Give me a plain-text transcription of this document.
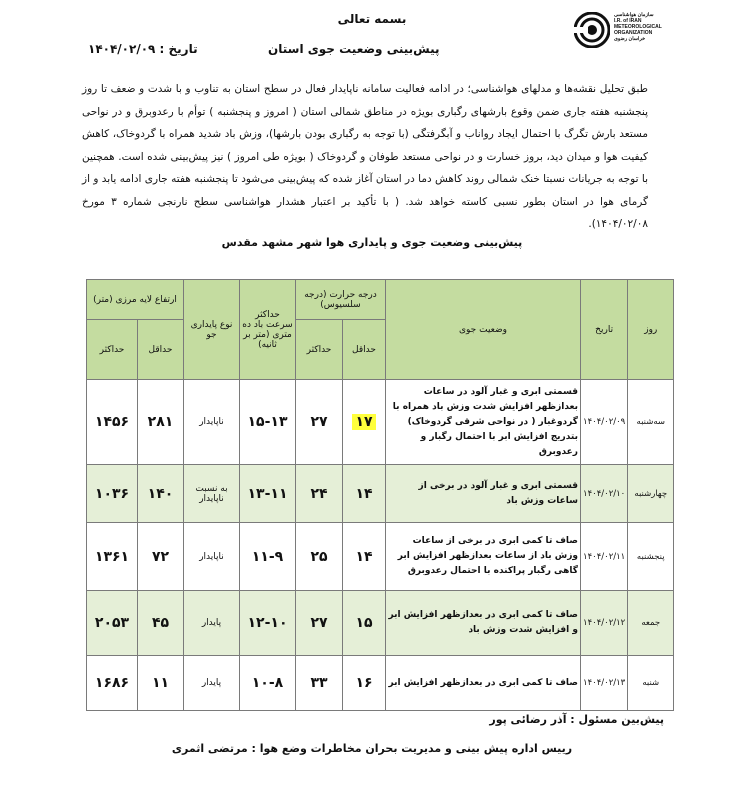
بسمه تعالی	سازمان هواشناسی I.R. of IRAN METEOROLOGICAL ORGANIZATION خراسان رضوی
تاریخ : ۱۴۰۴/۰۲/۰۹	پیش‌بینی وضعیت جوی استان
طبق تحلیل نقشه‌ها و مدلهای هواشناسی؛ در ادامه فعالیت سامانه ناپایدار فعال در سطح استان به تناوب و با شدت و ضعف تا روز پنجشنبه هفته جاری ضمن وقوع بارشهای رگباری بویژه در مناطق شمالی استان ( امروز و پنجشنبه ) توأم با رعدوبرق و در نواحی مستعد بارش تگرگ با احتمال ایجاد رواناب و آبگرفتگی (با توجه به رگباری بودن بارشها)، وزش باد شدید همراه با گردوخاک، کاهش کیفیت هوا و میدان دید، بروز خسارت و در نواحی مستعد طوفان و گردوخاک ( بویژه طی امروز ) نیز پیش‌بینی شده است. همچنین با توجه به جریانات نسبتا خنک شمالی روند کاهش دما در استان آغاز شده که پیش‌بینی می‌شود تا پنجشنبه هفته جاری ادامه یابد و از گرمای هوا در استان بطور نسبی کاسته خواهد شد. ( با تأکید بر اعتبار هشدار هواشناسی سطح نارنجی شماره ۳ مورخ ۱۴۰۴/۰۲/۰۸).
پیش‌بینی وضعیت جوی و پایداری هوا شهر مشهد مقدس
روز	تاریخ	وضعیت جوی	درجه حرارت (درجه سلسیوس)		حداکثر سرعت باد ده متری (متر بر ثانیه)	نوع پایداری جو	ارتفاع لایه مرزی (متر)	
			حداقل	حداکثر			حداقل	حداکثر
سه‌شنبه	۱۴۰۴/۰۲/۰۹	قسمتی ابری و غبار آلود در ساعات بعدازظهر افزایش شدت وزش باد همراه با گردوغبار ( در نواحی شرقی گردوخاک) بتدریج افزایش ابر با احتمال رگبار و رعدوبرق	۱۷	۲۷	۱۵-۱۳	ناپایدار	۲۸۱	۱۴۵۶
چهارشنبه	۱۴۰۴/۰۲/۱۰	قسمتی ابری و غبار آلود در برخی از ساعات وزش باد	۱۴	۲۴	۱۳-۱۱	به نسبت ناپایدار	۱۴۰	۱۰۳۶
پنجشنبه	۱۴۰۴/۰۲/۱۱	صاف تا کمی ابری در برخی از ساعات وزش باد از ساعات بعدازظهر افزایش ابر گاهی رگبار پراکنده با احتمال رعدوبرق	۱۴	۲۵	۱۱-۹	ناپایدار	۷۲	۱۳۶۱
جمعه	۱۴۰۴/۰۲/۱۲	صاف تا کمی ابری در بعدازظهر افزایش ابر و افزایش شدت وزش باد	۱۵	۲۷	۱۲-۱۰	پایدار	۴۵	۲۰۵۳
شنبه	۱۴۰۴/۰۲/۱۳	صاف تا کمی ابری در بعدازظهر افزایش ابر	۱۶	۳۳	۱۰-۸	پایدار	۱۱	۱۶۸۶
پیش‌بین مسئول : آذر رضائی پور
رییس اداره پیش بینی و مدیریت بحران مخاطرات وضع هوا : مرتضی اثمری
